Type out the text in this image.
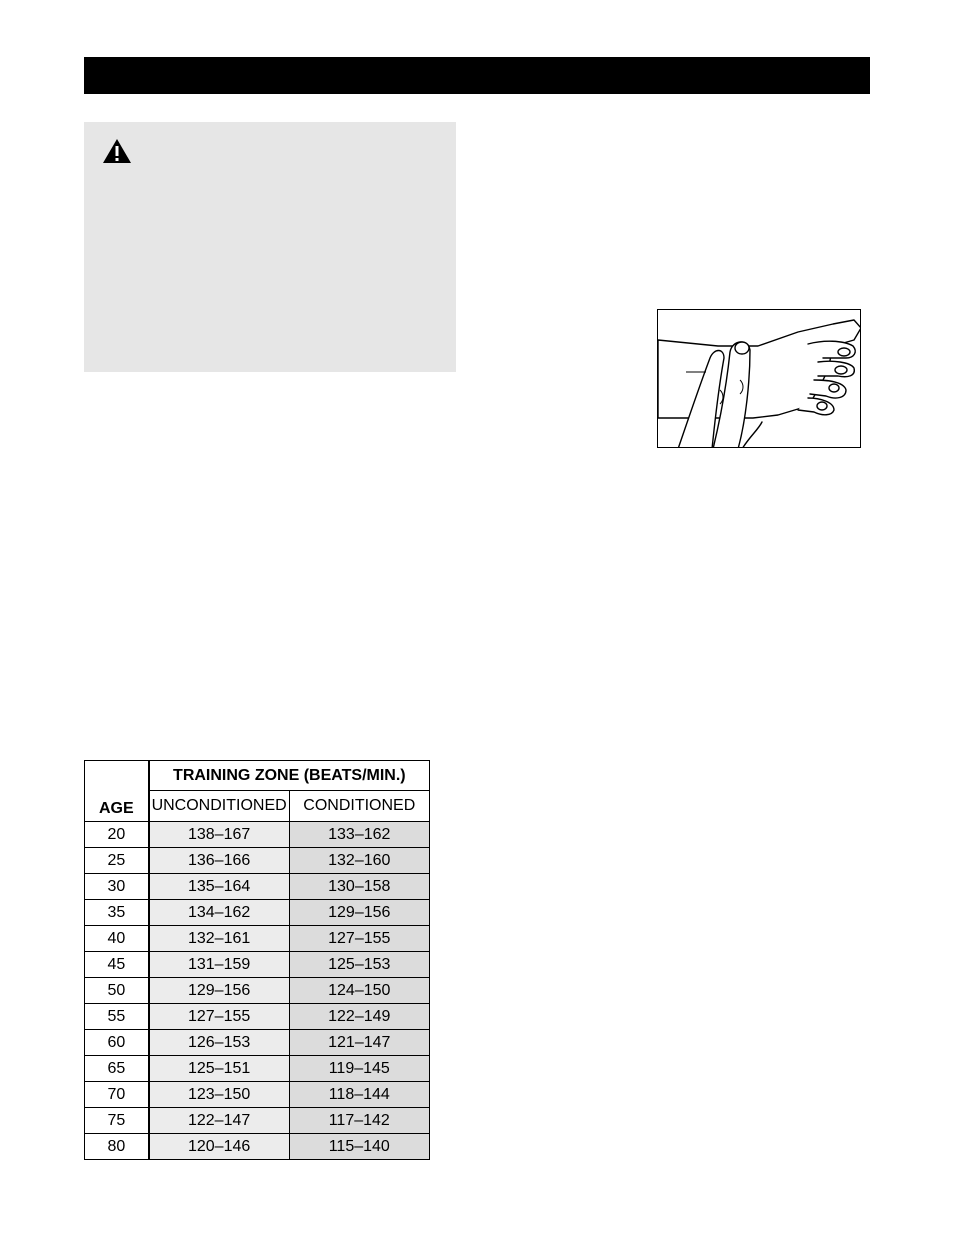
AGE	TRAINING ZONE (BEATS/MIN.)	
	UNCONDITIONED	CONDITIONED
20	138–167	133–162
25	136–166	132–160
30	135–164	130–158
35	134–162	129–156
40	132–161	127–155
45	131–159	125–153
50	129–156	124–150
55	127–155	122–149
60	126–153	121–147
65	125–151	119–145
70	123–150	118–144
75	122–147	117–142
80	120–146	115–140
